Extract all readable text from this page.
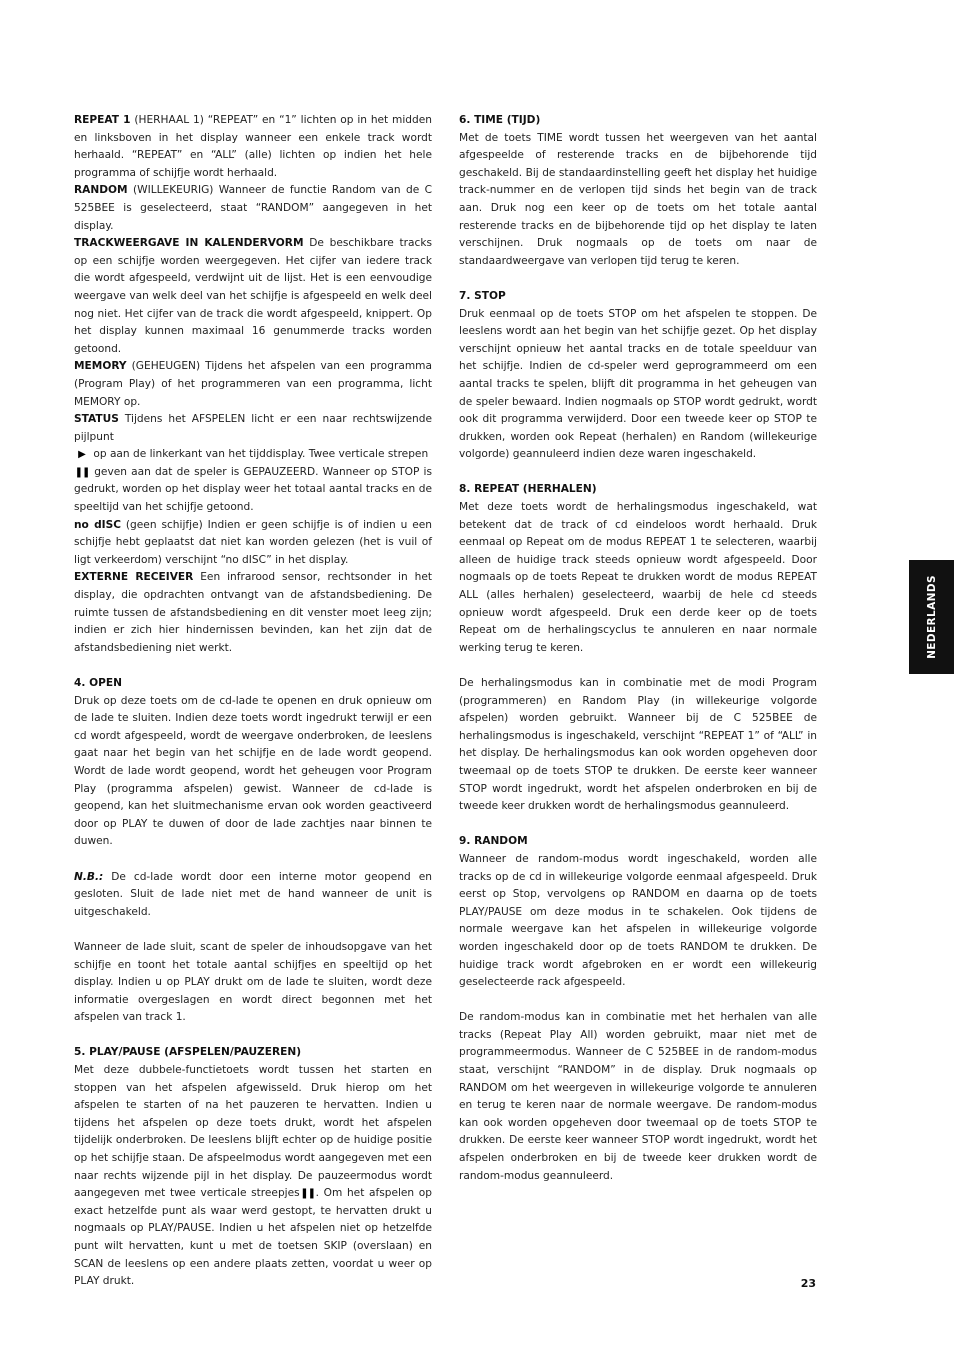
REPEAT 1 (HERHAAL 1) “REPEAT” en “1” lichten op in het midden en linksboven in het display wanneer een enkele track wordt herhaald. “REPEAT” en “ALL” (alle) lichten op indien het hele programma of schijfje wordt herhaald.

RANDOM (WILLEKEURIG) Wanneer de functie Random van de C 525BEE is geselecteerd, staat “RANDOM” aangegeven in het display.

TRACKWEERGAVE IN KALENDERVORM De beschikbare tracks op een schijfje worden weergegeven. Het cijfer van iedere track die wordt afgespeeld, verdwijnt uit de lijst. Het is een eenvoudige weergave van welk deel van het schijfje is afgespeeld en welk deel nog niet. Het cijfer van de track die wordt afgespeeld, knippert. Op het display kunnen maximaal 16 genummerde tracks worden getoond.

MEMORY (GEHEUGEN) Tijdens het afspelen van een programma (Program Play) of het programmeren van een programma, licht MEMORY op.

STATUS Tijdens het AFSPELEN licht er een naar rechtswijzende pijlpunt
▶ op aan de linkerkant van het tijddisplay. Twee verticale strepen
❚❚ geven aan dat de speler is GEPAUZEERD. Wanneer op STOP is gedrukt, worden op het display weer het totaal aantal tracks en de speeltijd van het schijfje getoond.

no dISC (geen schijfje) Indien er geen schijfje is of indien u een schijfje hebt geplaatst dat niet kan worden gelezen (het is vuil of ligt verkeerdom) verschijnt “no dISC” in het display.

EXTERNE RECEIVER Een infrarood sensor, rechtsonder in het display, die opdrachten ontvangt van de afstandsbediening. De ruimte tussen de afstandsbediening en dit venster moet leeg zijn; indien er zich hier hindernissen bevinden, kan het zijn dat de afstandsbediening niet werkt.

4. OPEN

Druk op deze toets om de cd-lade te openen en druk opnieuw om de lade te sluiten. Indien deze toets wordt ingedrukt terwijl er een cd wordt afgespeeld, wordt de weergave onderbroken, de leeslens gaat naar het begin van het schijfje en de lade wordt geopend. Wordt de lade wordt geopend, wordt het geheugen voor Program Play (programma afspelen) gewist. Wanneer de cd-lade is geopend, kan het sluitmechanisme ervan ook worden geactiveerd door op PLAY te duwen of door de lade zachtjes naar binnen te duwen.

N.B.: De cd-lade wordt door een interne motor geopend en gesloten. Sluit de lade niet met de hand wanneer de unit is uitgeschakeld.

Wanneer de lade sluit, scant de speler de inhoudsopgave van het schijfje en toont het totale aantal schijfjes en speeltijd op het display. Indien u op PLAY drukt om de lade te sluiten, wordt deze informatie overgeslagen en wordt direct begonnen met het afspelen van track 1.

5. PLAY/PAUSE (AFSPELEN/PAUZEREN)

Met deze dubbele-functietoets wordt tussen het starten en stoppen van het afspelen afgewisseld. Druk hierop om het afspelen te starten of na het pauzeren te hervatten. Indien u tijdens het afspelen op deze toets drukt, wordt het afspelen tijdelijk onderbroken. De leeslens blijft echter op de huidige positie op het schijfje staan. De afspeelmodus wordt aangegeven met een naar rechts wijzende pijl in het display. De pauzeermodus wordt aangegeven met twee verticale streepjes❚❚. Om het afspelen op exact hetzelfde punt als waar werd gestopt, te hervatten drukt u nogmaals op PLAY/PAUSE. Indien u het afspelen niet op hetzelfde punt wilt hervatten, kunt u met de toetsen SKIP (overslaan) en SCAN de leeslens op een andere plaats zetten, voordat u weer op PLAY drukt.

6. TIME (TIJD)

Met de toets TIME wordt tussen het weergeven van het aantal afgespeelde of resterende tracks en de bijbehorende tijd geschakeld. Bij de standaardinstelling geeft het display het huidige track-nummer en de verlopen tijd sinds het begin van de track aan. Druk nog een keer op de toets om het totale aantal resterende tracks en de bijbehorende tijd op het display te laten verschijnen. Druk nogmaals op de toets om naar de standaardweergave van verlopen tijd terug te keren.

7. STOP

Druk eenmaal op de toets STOP om het afspelen te stoppen. De leeslens wordt aan het begin van het schijfje gezet. Op het display verschijnt opnieuw het aantal tracks en de totale speelduur van het schijfje. Indien de cd-speler werd geprogrammeerd om een aantal tracks te spelen, blijft dit programma in het geheugen van de speler bewaard. Indien nogmaals op STOP wordt gedrukt, wordt ook dit programma verwijderd. Door een tweede keer op STOP te drukken, worden ook Repeat (herhalen) en Random (willekeurige volgorde) geannuleerd indien deze waren ingeschakeld.

8. REPEAT (HERHALEN)

Met deze toets wordt de herhalingsmodus ingeschakeld, wat betekent dat de track of cd eindeloos wordt herhaald. Druk eenmaal op Repeat om de modus REPEAT 1 te selecteren, waarbij alleen de huidige track steeds opnieuw wordt afgespeeld. Door nogmaals op de toets Repeat te drukken wordt de modus REPEAT ALL (alles herhalen) geselecteerd, waarbij de hele cd steeds opnieuw wordt afgespeeld. Druk een derde keer op de toets Repeat om de herhalingscyclus te annuleren en naar normale werking terug te keren.

De herhalingsmodus kan in combinatie met de modi Program (programmeren) en Random Play (in willekeurige volgorde afspelen) worden gebruikt. Wanneer bij de C 525BEE de herhalingsmodus is ingeschakeld, verschijnt “REPEAT 1” of “ALL” in het display. De herhalingsmodus kan ook worden opgeheven door tweemaal op de toets STOP te drukken. De eerste keer wanneer STOP wordt ingedrukt, wordt het afspelen onderbroken en bij de tweede keer drukken wordt de herhalingsmodus geannuleerd.

9. RANDOM

Wanneer de random-modus wordt ingeschakeld, worden alle tracks op de cd in willekeurige volgorde eenmaal afgespeeld. Druk eerst op Stop, vervolgens op RANDOM en daarna op de toets PLAY/PAUSE om deze modus in te schakelen. Ook tijdens de normale weergave kan het afspelen in willekeurige volgorde worden ingeschakeld door op de toets RANDOM te drukken. De huidige track wordt afgebroken en er wordt een willekeurig geselecteerde rack afgespeeld.

De random-modus kan in combinatie met het herhalen van alle tracks (Repeat Play All) worden gebruikt, maar niet met de programmeermodus. Wanneer de C 525BEE in de random-modus staat, verschijnt “RANDOM” in de display. Druk nogmaals op RANDOM om het weergeven in willekeurige volgorde te annuleren en terug te keren naar de normale weergave. De random-modus kan ook worden opgeheven door tweemaal op de toets STOP te drukken. De eerste keer wanneer STOP wordt ingedrukt, wordt het afspelen onderbroken en bij de tweede keer drukken wordt de random-modus geannuleerd.

NEDERLANDS
23
